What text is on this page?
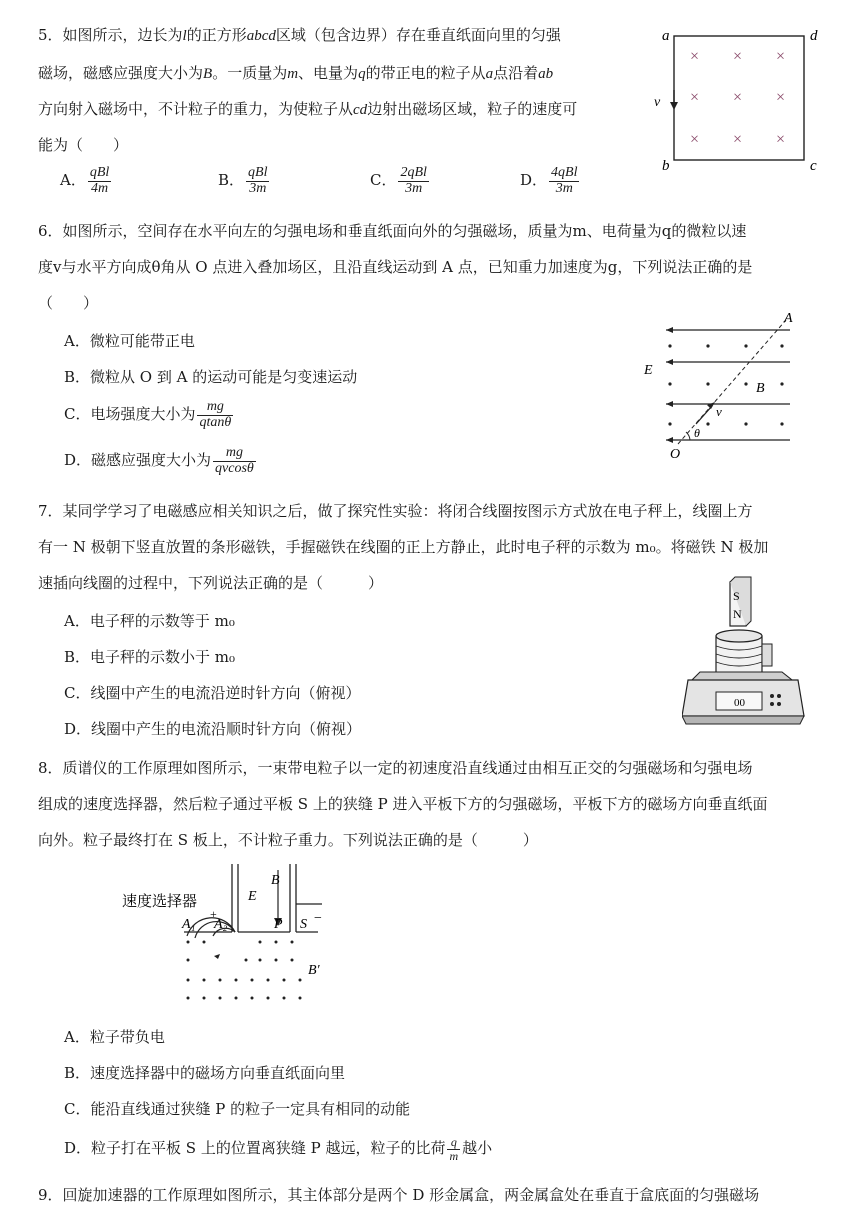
5．如图所示，边长为l的正方形abcd区域（包含边界）存在垂直纸面向里的匀强
磁场，磁感应强度大小为B。一质量为m、电量为q的带正电的粒子从a点沿着ab
方向射入磁场中，不计粒子的重力，为使粒子从cd边射出磁场区域，粒子的速度可
能为（　　）
A． $\frac{\text{qBl}}{4m}$	B． $\frac{\text{qBl}}{3m}$	C． $\frac{\text{2qBl}}{3m}$	D． $\frac{\text{4qBl}}{3m}$
a	d
b	c
v
× × ×
× × ×
× × ×
6．如图所示，空间存在水平向左的匀强电场和垂直纸面向外的匀强磁场，质量为m、电荷量为q的微粒以速
度v与水平方向成θ角从 O 点进入叠加场区，且沿直线运动到 A 点，已知重力加速度为g，下列说法正确的是
（　　）
A．微粒可能带正电
B．微粒从 O 到 A 的运动可能是匀变速运动
C．电场强度大小为 $\frac{mg}{qtan\theta}$
D．磁感应强度大小为 $\frac{mg}{qvcos\theta}$
A
E
B
v
θ
O
7．某同学学习了电磁感应相关知识之后，做了探究性实验：将闭合线圈按图示方式放在电子秤上，线圈上方
有一 N 极朝下竖直放置的条形磁铁，手握磁铁在线圈的正上方静止，此时电子秤的示数为 m₀。将磁铁 N 极加
速插向线圈的过程中，下列说法正确的是（　　　）
A．电子秤的示数等于 m₀
B．电子秤的示数小于 m₀
C．线圈中产生的电流沿逆时针方向（俯视）
D．线圈中产生的电流沿顺时针方向（俯视）
S
N
00
8．质谱仪的工作原理如图所示，一束带电粒子以一定的初速度沿直线通过由相互正交的匀强磁场和匀强电场
组成的速度选择器，然后粒子通过平板 S 上的狭缝 P 进入平板下方的匀强磁场，平板下方的磁场方向垂直纸面
向外。粒子最终打在 S 板上，不计粒子重力。下列说法正确的是（　　　）
速度选择器	E
B
+	−
A₁ A₂	P S
B′
A．粒子带负电
B．速度选择器中的磁场方向垂直纸面向里
C．能沿直线通过狭缝 P 的粒子一定具有相同的动能
D．粒子打在平板 S 上的位置离狭缝 P 越远，粒子的比荷 $\frac{q}{m}$ 越小
9．回旋加速器的工作原理如图所示，其主体部分是两个 D 形金属盒，两金属盒处在垂直于盒底面的匀强磁场
